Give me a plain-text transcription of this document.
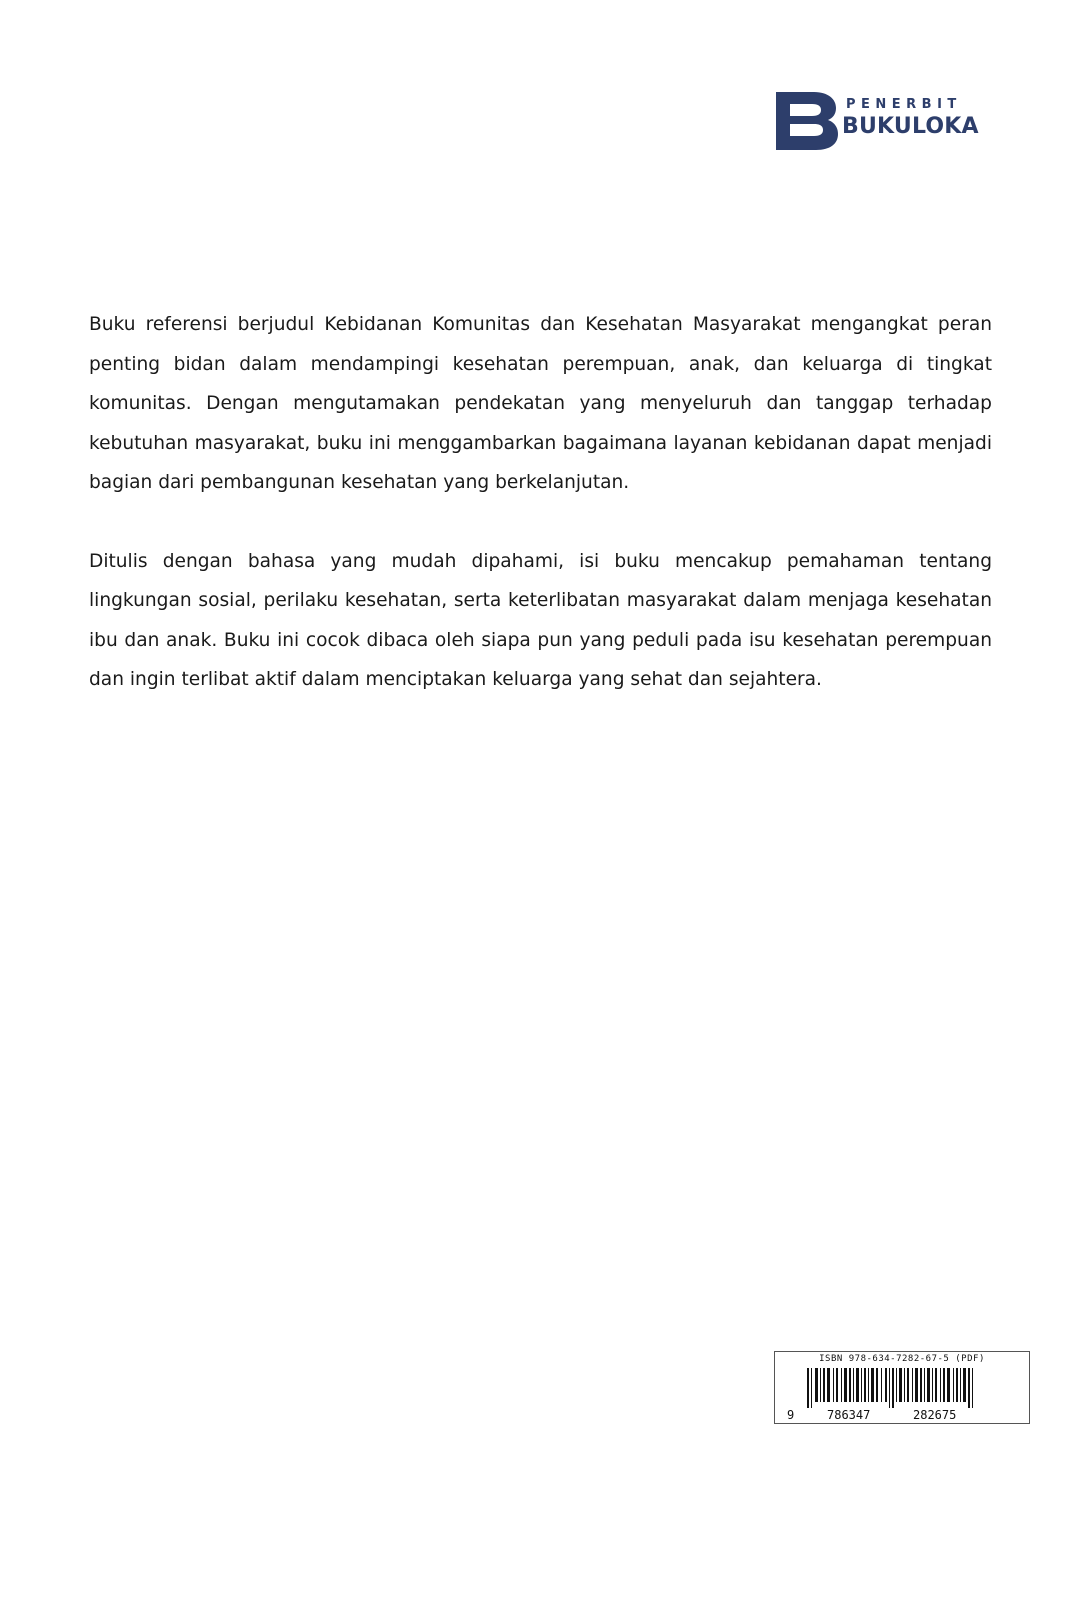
PENERBIT
BUKULOKA

Buku referensi berjudul Kebidanan Komunitas dan Kesehatan Masyarakat mengangkat peran penting bidan dalam mendampingi kesehatan perempuan, anak, dan keluarga di tingkat komunitas. Dengan mengutamakan pendekatan yang menyeluruh dan tanggap terhadap kebutuhan masyarakat, buku ini menggambarkan bagaimana layanan kebidanan dapat menjadi bagian dari pembangunan kesehatan yang berkelanjutan.

Ditulis dengan bahasa yang mudah dipahami, isi buku mencakup pemahaman tentang lingkungan sosial, perilaku kesehatan, serta keterlibatan masyarakat dalam menjaga kesehatan ibu dan anak. Buku ini cocok dibaca oleh siapa pun yang peduli pada isu kesehatan perempuan dan ingin terlibat aktif dalam menciptakan keluarga yang sehat dan sejahtera.

ISBN 978-634-7282-67-5 (PDF)
9	786347	282675
